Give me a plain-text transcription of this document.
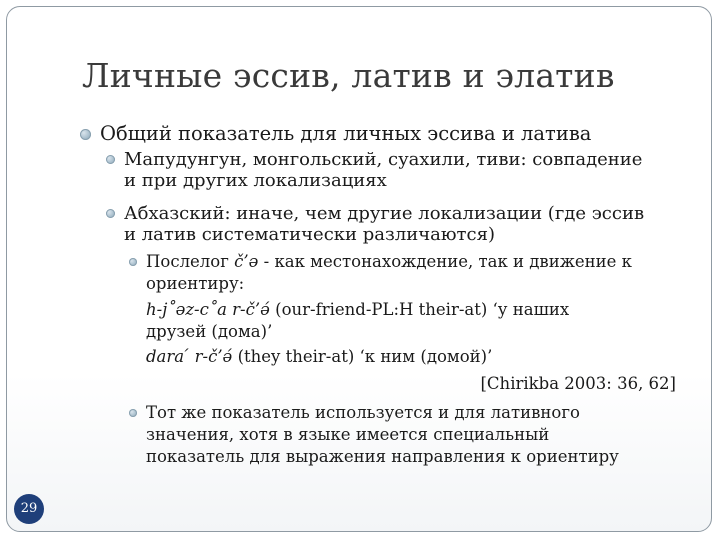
Личные эссив, латив и элатив
Общий показатель для личных эссива и латива
Мапудунгун, монгольский, суахили, тиви: совпадение
и при других локализациях
Абхазский: иначе, чем другие локализации (где эссив
и латив систематически различаются)
Послелог č’ə - как местонахождение, так и движение к
ориентиру:
h-j˚əz-c˚a r-č’ə́ (our-friend-PL:H their-at) ‘у наших
друзей (дома)’
dara ́ r-č’ə́ (they their-at) ‘к ним (домой)’
[Chirikba 2003: 36, 62]
Тот же показатель используется и для лативного
значения, хотя в языке имеется специальный
показатель для выражения направления к ориентиру
29
